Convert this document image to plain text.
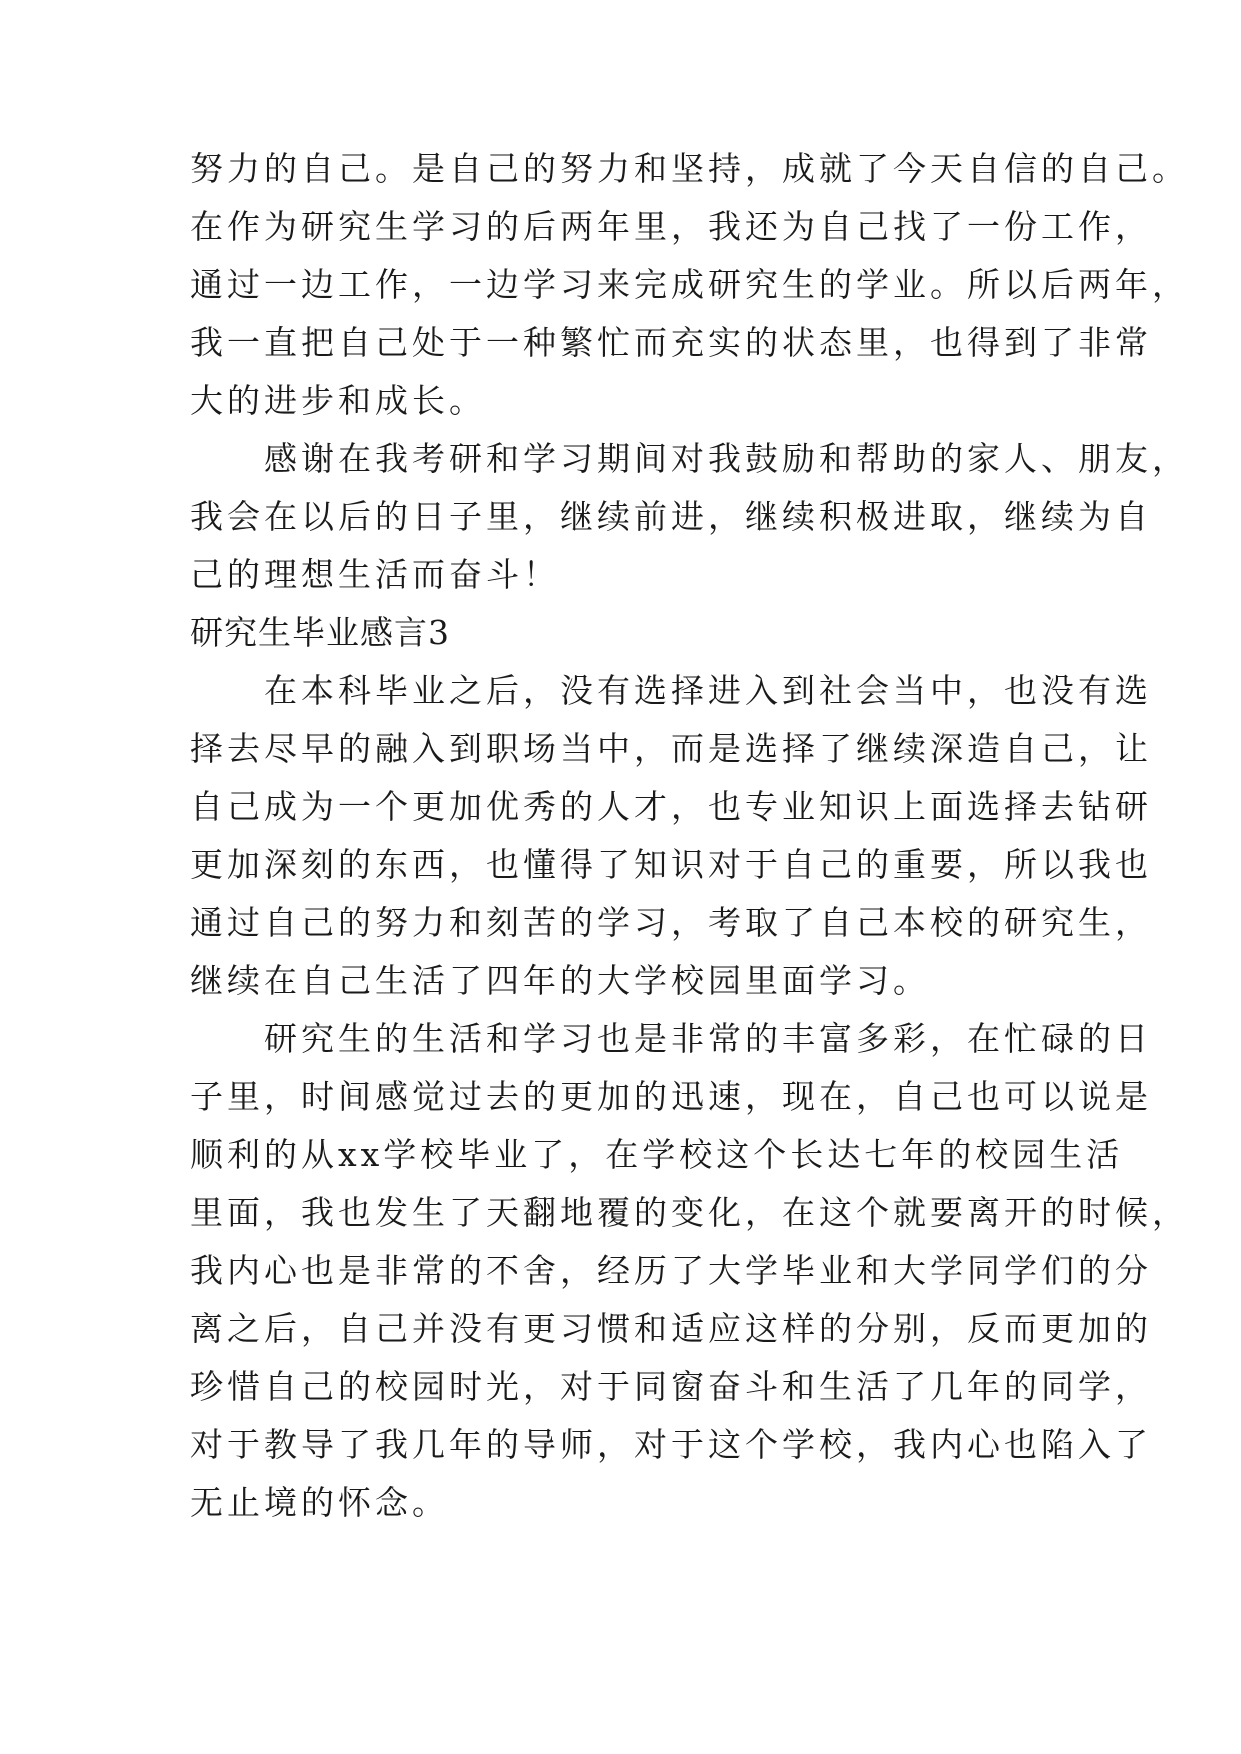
努力的自己。是自己的努力和坚持，成就了今天自信的自己。
在作为研究生学习的后两年里，我还为自己找了一份工作，
通过一边工作，一边学习来完成研究生的学业。所以后两年，
我一直把自己处于一种繁忙而充实的状态里，也得到了非常
大的进步和成长。
　　感谢在我考研和学习期间对我鼓励和帮助的家人、朋友，
我会在以后的日子里，继续前进，继续积极进取，继续为自
己的理想生活而奋斗！
研究生毕业感言3
　　在本科毕业之后，没有选择进入到社会当中，也没有选
择去尽早的融入到职场当中，而是选择了继续深造自己，让
自己成为一个更加优秀的人才，也专业知识上面选择去钻研
更加深刻的东西，也懂得了知识对于自己的重要，所以我也
通过自己的努力和刻苦的学习，考取了自己本校的研究生，
继续在自己生活了四年的大学校园里面学习。
　　研究生的生活和学习也是非常的丰富多彩，在忙碌的日
子里，时间感觉过去的更加的迅速，现在，自己也可以说是
顺利的从xx学校毕业了，在学校这个长达七年的校园生活
里面，我也发生了天翻地覆的变化，在这个就要离开的时候，
我内心也是非常的不舍，经历了大学毕业和大学同学们的分
离之后，自己并没有更习惯和适应这样的分别，反而更加的
珍惜自己的校园时光，对于同窗奋斗和生活了几年的同学，
对于教导了我几年的导师，对于这个学校，我内心也陷入了
无止境的怀念。
